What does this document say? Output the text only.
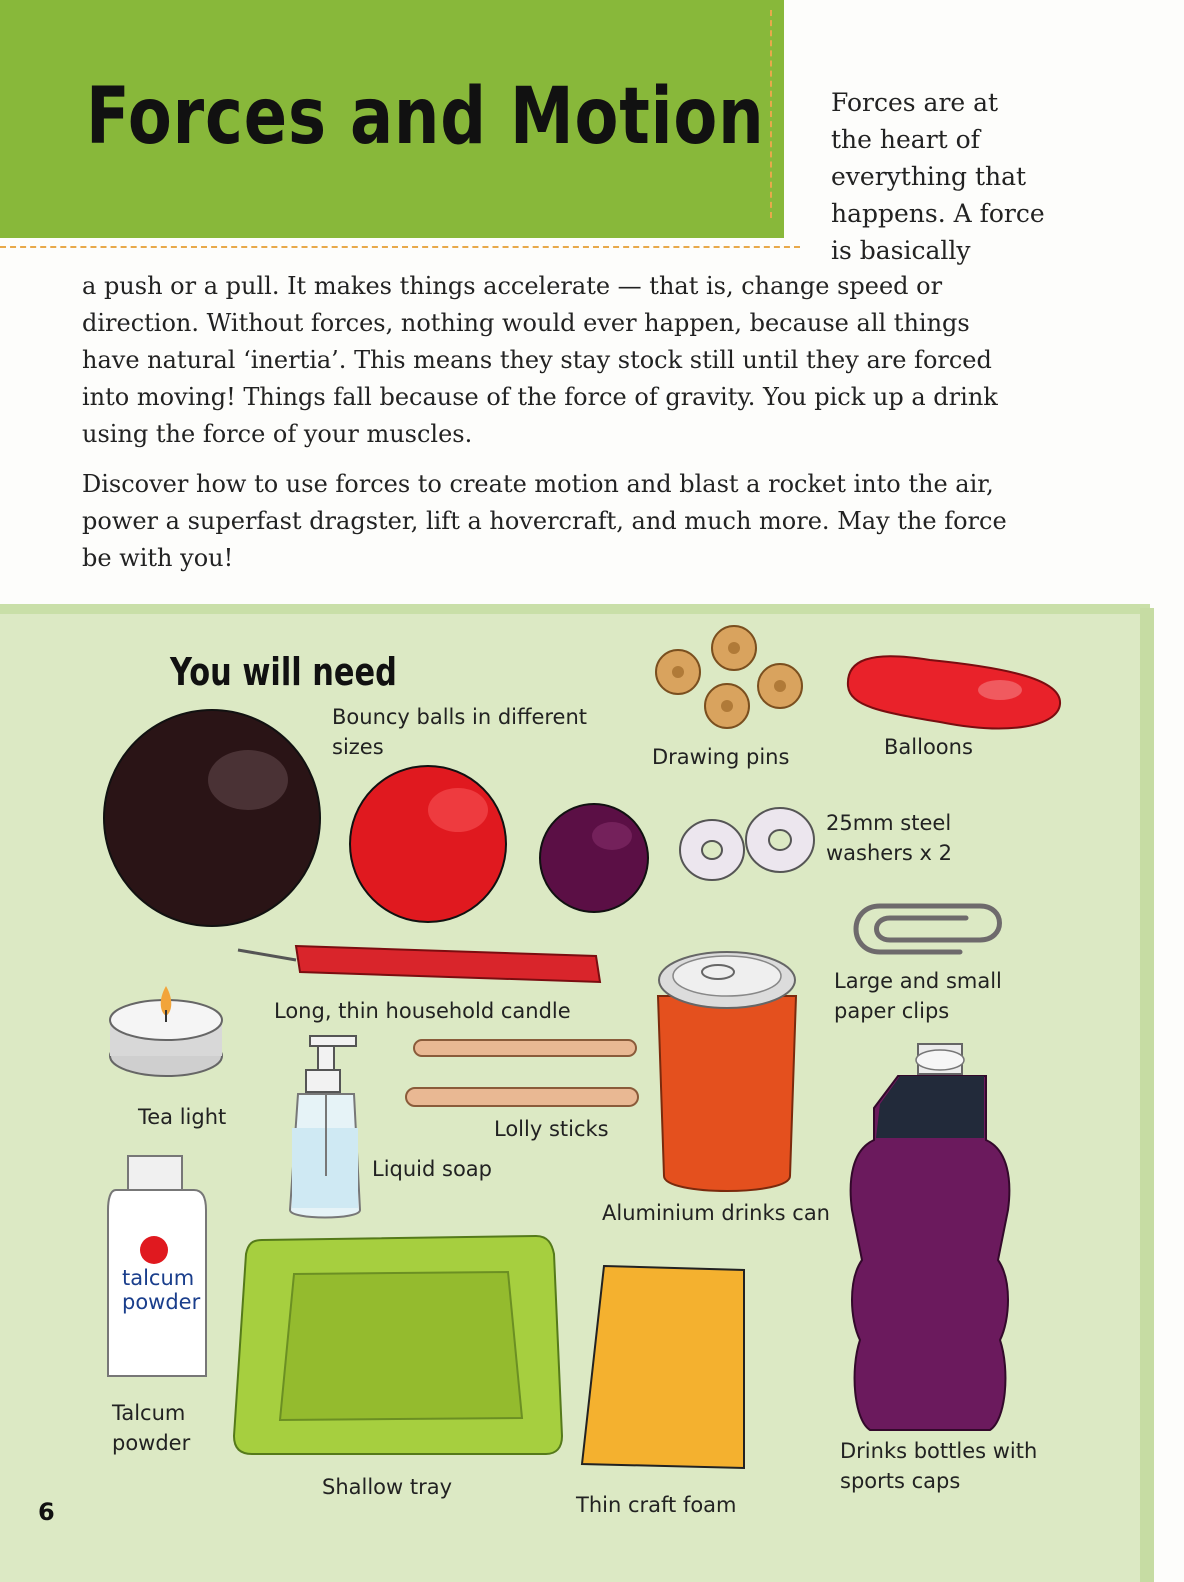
Forces and Motion	Forces are at
the heart of
everything that
happens. A force
is basically
a push or a pull. It makes things accelerate — that is, change speed or
direction. Without forces, nothing would ever happen, because all things
have natural ‘inertia’. This means they stay stock still until they are forced
into moving! Things fall because of the force of gravity. You pick up a drink
using the force of your muscles.
Discover how to use forces to create motion and blast a rocket into the air,
power a superfast dragster, lift a hovercraft, and much more. May the force
be with you!
You will need
Bouncy balls in different
sizes	Drawing pins	Balloons
25mm steel
washers x 2
Large and small
paper clips
Long, thin household candle
Tea light	Lolly sticks
Liquid soap
Aluminium drinks can
talcum
powder
Talcum
powder
Shallow tray
Thin craft foam
Drinks bottles with
sports caps
6
